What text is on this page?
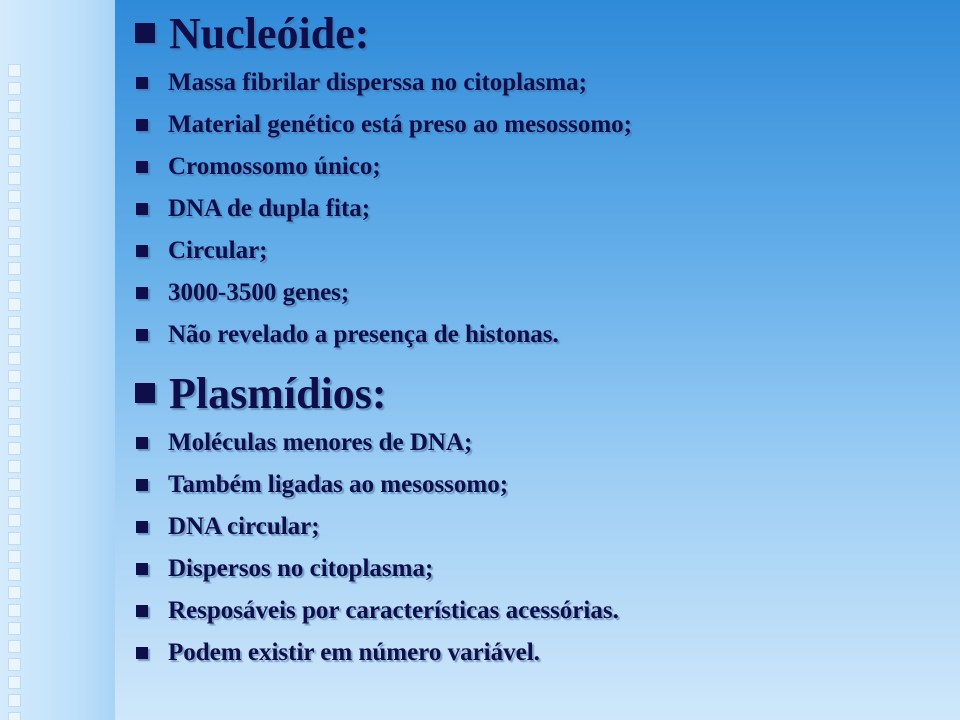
Nucleóide:
Massa fibrilar disperssa no citoplasma;
Material genético está preso ao mesossomo;
Cromossomo único;
DNA de dupla fita;
Circular;
3000-3500 genes;
Não revelado a presença de histonas.
Plasmídios:
Moléculas menores de DNA;
Também ligadas ao mesossomo;
DNA circular;
Dispersos no citoplasma;
Resposáveis por características acessórias.
Podem existir em número variável.
